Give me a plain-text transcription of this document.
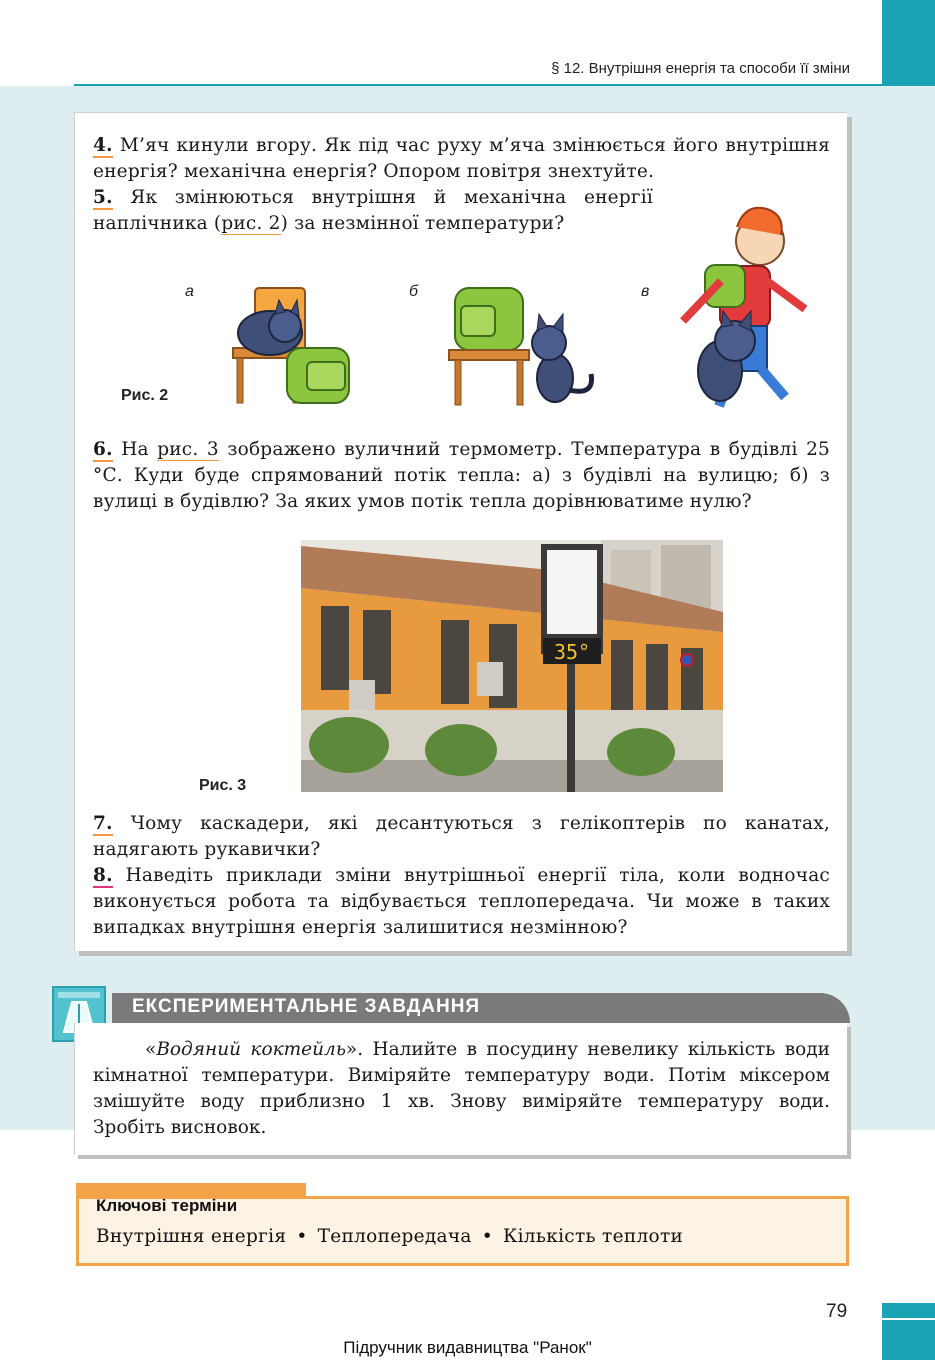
§ 12. Внутрішня енергія та способи її зміни
4. М’яч кинули вгору. Як під час руху м’яча змінюється його внутрішня енергія? механічна енергія? Опором повітря знехтуйте.
5. Як змінюються внутрішня й механічна енергії наплічника (рис. 2) за незмінної температури?
а	б	в
Рис. 2
6. На рис. 3 зображено вуличний термометр. Температура в будівлі 25 °С. Куди буде спрямований потік тепла: а) з будівлі на вулицю; б) з вулиці в будівлю? За яких умов потік тепла дорівнюватиме нулю?
35°
Рис. 3
7. Чому каскадери, які десантуються з гелікоптерів по канатах, надягають рукавички?
8. Наведіть приклади зміни внутрішньої енергії тіла, коли водночас виконується робота та відбувається теплопередача. Чи може в таких випадках внутрішня енергія залишитися незмінною?
ЕКСПЕРИМЕНТАЛЬНЕ ЗАВДАННЯ
«Водяний коктейль». Налийте в посудину невелику кількість води кімнатної температури. Виміряйте температуру води. Потім міксером змішуйте воду приблизно 1 хв. Знову виміряйте температуру води. Зробіть висновок.
Ключові терміни
Внутрішня енергія • Теплопередача • Кількість теплоти
79
Підручник видавництва "Ранок"
